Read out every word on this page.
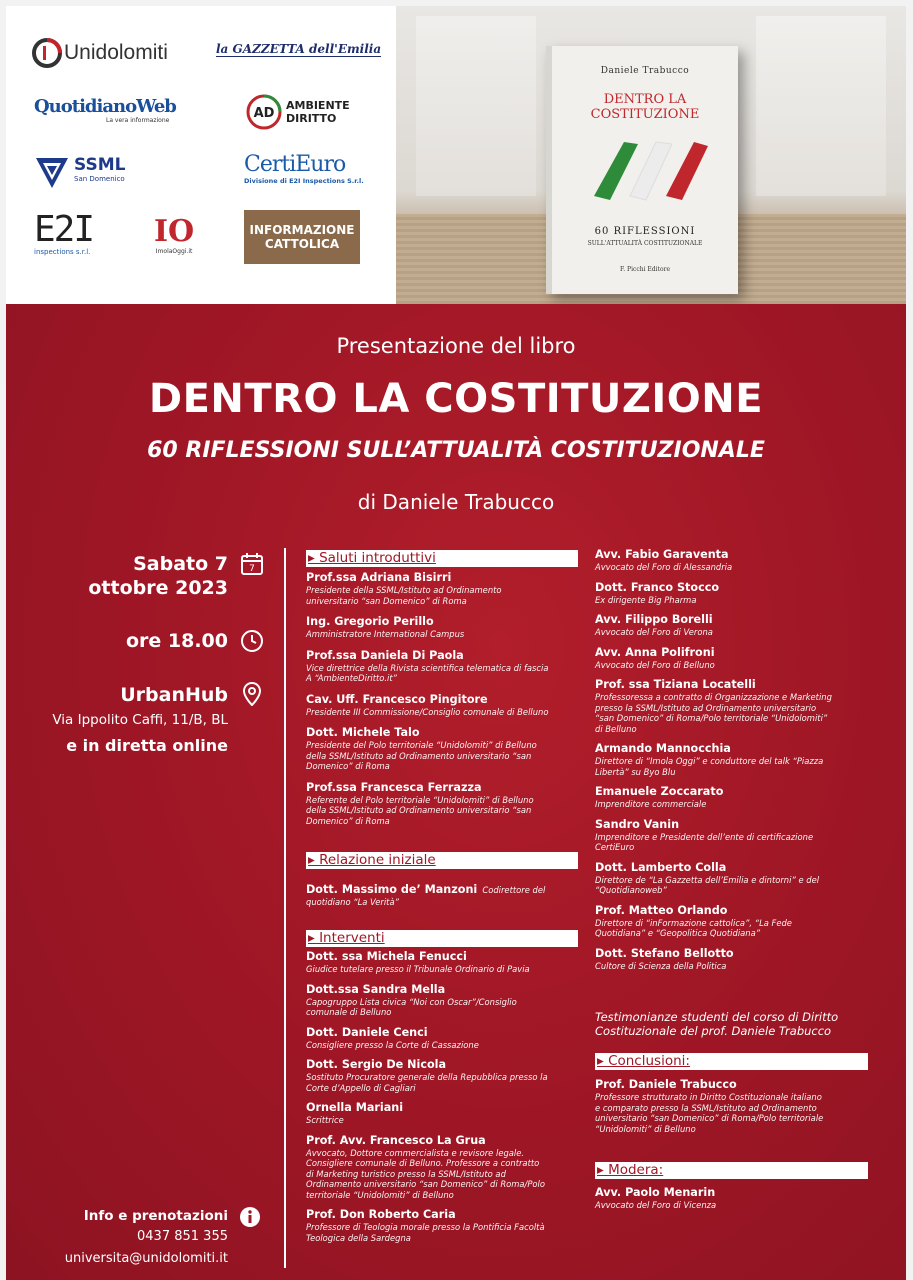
Unidolomiti	la GAZZETTA dell'Emilia
QuotidianoWeb
La vera informazione	AD
AMBIENTE
DIRITTO
SSML
San Domenico
CertiEuro
Divisione di E2I Inspections S.r.l.
E2I
inspections s.r.l.
IO
ImolaOggi.it
INFORMAZIONE
CATTOLICA
Daniele Trabucco
DENTRO LA COSTITUZIONE
60 RIFLESSIONI
SULL'ATTUALITÀ COSTITUZIONALE
F. Picchi Editore
Presentazione del libro
DENTRO LA COSTITUZIONE
60 RIFLESSIONI SULL’ATTUALITÀ COSTITUZIONALE
di Daniele Trabucco
Sabato 7
ottobre 2023
7
ore 18.00
UrbanHub
Via Ippolito Caffi, 11/B, BL
e in diretta online
Info e prenotazioni
0437 851 355
universita@unidolomiti.it
▸ Saluti introduttivi
Prof.ssa Adriana Bisirri
Presidente della SSML/Istituto ad Ordinamento
universitario “san Domenico” di Roma
Ing. Gregorio Perillo
Amministratore International Campus
Prof.ssa Daniela Di Paola
Vice direttrice della Rivista scientifica telematica di fascia
A “AmbienteDiritto.it”
Cav. Uff. Francesco Pingitore
Presidente III Commissione/Consiglio comunale di Belluno
Dott. Michele Talo
Presidente del Polo territoriale “Unidolomiti” di Belluno
della SSML/Istituto ad Ordinamento universitario “san
Domenico” di Roma
Prof.ssa Francesca Ferrazza
Referente del Polo territoriale “Unidolomiti” di Belluno
della SSML/Istituto ad Ordinamento universitario “san
Domenico” di Roma
▸ Relazione iniziale
Dott. Massimo de’ Manzoni Codirettore del
quotidiano “La Verità”
▸ Interventi
Dott. ssa Michela Fenucci
Giudice tutelare presso il Tribunale Ordinario di Pavia
Dott.ssa Sandra Mella
Capogruppo Lista civica “Noi con Oscar”/Consiglio
comunale di Belluno
Dott. Daniele Cenci
Consigliere presso la Corte di Cassazione
Dott. Sergio De Nicola
Sostituto Procuratore generale della Repubblica presso la
Corte d’Appello di Cagliari
Ornella Mariani
Scrittrice
Prof. Avv. Francesco La Grua
Avvocato, Dottore commercialista e revisore legale.
Consigliere comunale di Belluno. Professore a contratto
di Marketing turistico presso la SSML/Istituto ad
Ordinamento universitario “san Domenico” di Roma/Polo
territoriale “Unidolomiti” di Belluno
Prof. Don Roberto Caria
Professore di Teologia morale presso la Pontificia Facoltà
Teologica della Sardegna
Avv. Fabio Garaventa
Avvocato del Foro di Alessandria
Dott. Franco Stocco
Ex dirigente Big Pharma
Avv. Filippo Borelli
Avvocato del Foro di Verona
Avv. Anna Polifroni
Avvocato del Foro di Belluno
Prof. ssa Tiziana Locatelli
Professoressa a contratto di Organizzazione e Marketing
presso la SSML/Istituto ad Ordinamento universitario
“san Domenico” di Roma/Polo territoriale “Unidolomiti”
di Belluno
Armando Mannocchia
Direttore di “Imola Oggi” e conduttore del talk “Piazza
Libertà” su Byo Blu
Emanuele Zoccarato
Imprenditore commerciale
Sandro Vanin
Imprenditore e Presidente dell’ente di certificazione
CertiEuro
Dott. Lamberto Colla
Direttore de “La Gazzetta dell’Emilia e dintorni” e del
“Quotidianoweb”
Prof. Matteo Orlando
Direttore di “inFormazione cattolica”, “La Fede
Quotidiana” e “Geopolitica Quotidiana”
Dott. Stefano Bellotto
Cultore di Scienza della Politica
Testimonianze studenti del corso di Diritto
Costituzionale del prof. Daniele Trabucco
▸ Conclusioni:
Prof. Daniele Trabucco
Professore strutturato in Diritto Costituzionale italiano
e comparato presso la SSML/Istituto ad Ordinamento
universitario “san Domenico” di Roma/Polo territoriale
“Unidolomiti” di Belluno
▸ Modera:
Avv. Paolo Menarin
Avvocato del Foro di Vicenza
